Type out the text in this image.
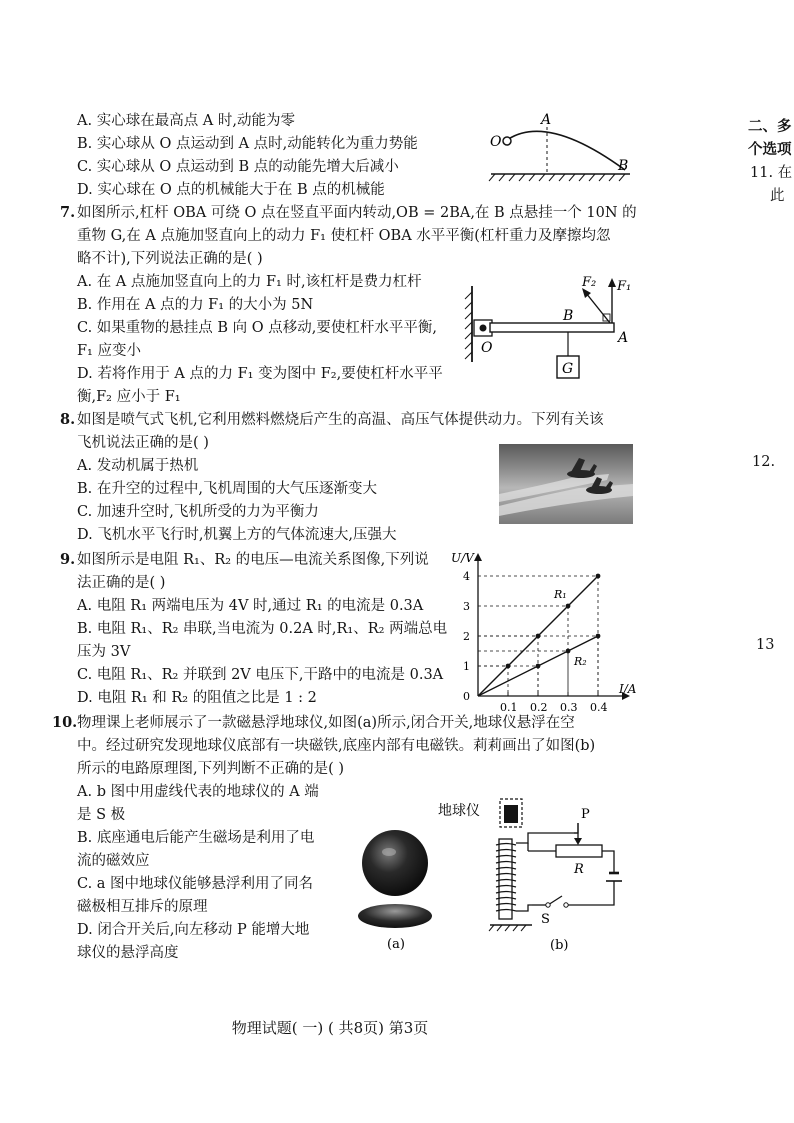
A. 实心球在最高点 A 时,动能为零
B. 实心球从 O 点运动到 A 点时,动能转化为重力势能
C. 实心球从 O 点运动到 B 点的动能先增大后减小
D. 实心球在 O 点的机械能大于在 B 点的机械能
O
A
B
7. 如图所示,杠杆 OBA 可绕 O 点在竖直平面内转动,OB = 2BA,在 B 点悬挂一个 10N 的
重物 G,在 A 点施加竖直向上的动力 F₁ 使杠杆 OBA 水平平衡(杠杆重力及摩擦均忽
略不计),下列说法正确的是( )
A. 在 A 点施加竖直向上的力 F₁ 时,该杠杆是费力杠杆
B. 作用在 A 点的力 F₁ 的大小为 5N
C. 如果重物的悬挂点 B 向 O 点移动,要使杠杆水平平衡,
F₁ 应变小
D. 若将作用于 A 点的力 F₁ 变为图中 F₂,要使杠杆水平平
衡,F₂ 应小于 F₁
F₂ F₁
B
A
O
G
8. 如图是喷气式飞机,它利用燃料燃烧后产生的高温、高压气体提供动力。下列有关该
飞机说法正确的是( )
A. 发动机属于热机
B. 在升空的过程中,飞机周围的大气压逐渐变大
C. 加速升空时,飞机所受的力为平衡力
D. 飞机水平飞行时,机翼上方的气体流速大,压强大
9. 如图所示是电阻 R₁、R₂ 的电压—电流关系图像,下列说
法正确的是( )
A. 电阻 R₁ 两端电压为 4V 时,通过 R₁ 的电流是 0.3A
B. 电阻 R₁、R₂ 串联,当电流为 0.2A 时,R₁、R₂ 两端总电
压为 3V
C. 电阻 R₁、R₂ 并联到 2V 电压下,干路中的电流是 0.3A
D. 电阻 R₁ 和 R₂ 的阻值之比是 1 : 2
U/V
I/A
0.1 0.2 0.3 0.4
0
1
2
3
4
R₁
R₂
10. 物理课上老师展示了一款磁悬浮地球仪,如图(a)所示,闭合开关,地球仪悬浮在空
中。经过研究发现地球仪底部有一块磁铁,底座内部有电磁铁。莉莉画出了如图(b)
所示的电路原理图,下列判断不正确的是( )
A. b 图中用虚线代表的地球仪的 A 端
是 S 极
B. 底座通电后能产生磁场是利用了电
流的磁效应
C. a 图中地球仪能够悬浮利用了同名
磁极相互排斥的原理
D. 闭合开关后,向左移动 P 能增大地
球仪的悬浮高度
(a)
地球仪	P
R
S
(b)
物理试题( 一) ( 共8页) 第3页
二、多
个选项
11. 在
此
12.
13
